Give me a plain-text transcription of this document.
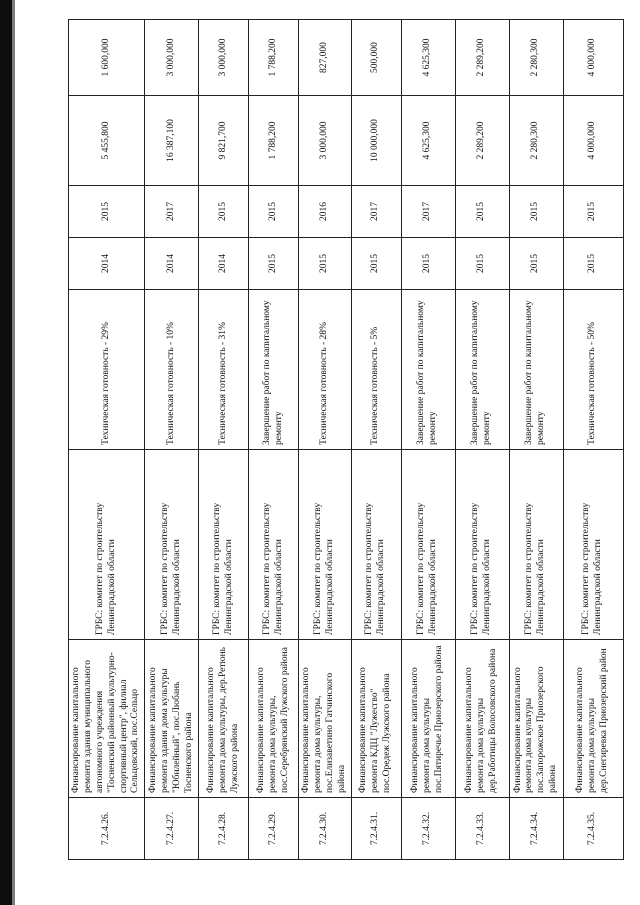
7.2.4.26.	Финансирование капитального ремонта здания муниципального автономного учреждения "Тосненский районный культурно-спортивный центр", филиал Сельцовский, пос.Сельцо	ГРБС: комитет по строительству Ленинградской области	Техническая готовность - 29%	2014	2015	5 455,800	1 600,000
7.2.4.27.	Финансирование капитального ремонта здания дома культуры "Юбилейный", пос.Любань Тосненского района	ГРБС: комитет по строительству Ленинградской области	Техническая готовность - 10%	2014	2017	16 387,100	3 000,000
7.2.4.28.	Финансирование капитального ремонта дома культуры, дер.Ретюнь Лужского района	ГРБС: комитет по строительству Ленинградской области	Техническая готовность - 31%	2014	2015	9 821,700	3 000,000
7.2.4.29.	Финансирование капитального ремонта дома культуры, пос.Серебрянский Лужского района	ГРБС: комитет по строительству Ленинградской области	Завершение работ по капитальному ремонту	2015	2015	1 788,200	1 788,200
7.2.4.30.	Финансирование капитального ремонта дома культуры, пос.Елизаветино Гатчинского района	ГРБС: комитет по строительству Ленинградской области	Техническая готовность - 28%	2015	2016	3 000,000	827,000
7.2.4.31.	Финансирование капитального ремонта КДЦ "Лужесгво" пос.Оредеж Лужского района	ГРБС: комитет по строительству Ленинградской области	Техническая готовность - 5%	2015	2017	10 000,000	500,000
7.2.4.32.	Финансирование капитального ремонта дома культуры пос.Пятиречье Приозерского района	ГРБС: комитет по строительству Ленинградской области	Завершение работ по капитальному ремонту	2015	2017	4 625,300	4 625,300
7.2.4.33.	Финансирование капитального ремонта дома культуры дер.Работицы Волосовского района	ГРБС: комитет по строительству Ленинградской области	Завершение работ по капитальному ремонту	2015	2015	2 289,200	2 289,200
7.2.4.34.	Финансирование капитального ремонта дома культуры пос.Запорожское Приозерского района	ГРБС: комитет по строительству Ленинградской области	Завершение работ по капитальному ремонту	2015	2015	2 280,300	2 280,300
7.2.4.35.	Финансирование капитального ремонта дома культуры дер.Снегиревка Приозерский район	ГРБС: комитет по строительству Ленинградской области	Техническая готовность - 50%	2015	2015	4 000,000	4 000,000
